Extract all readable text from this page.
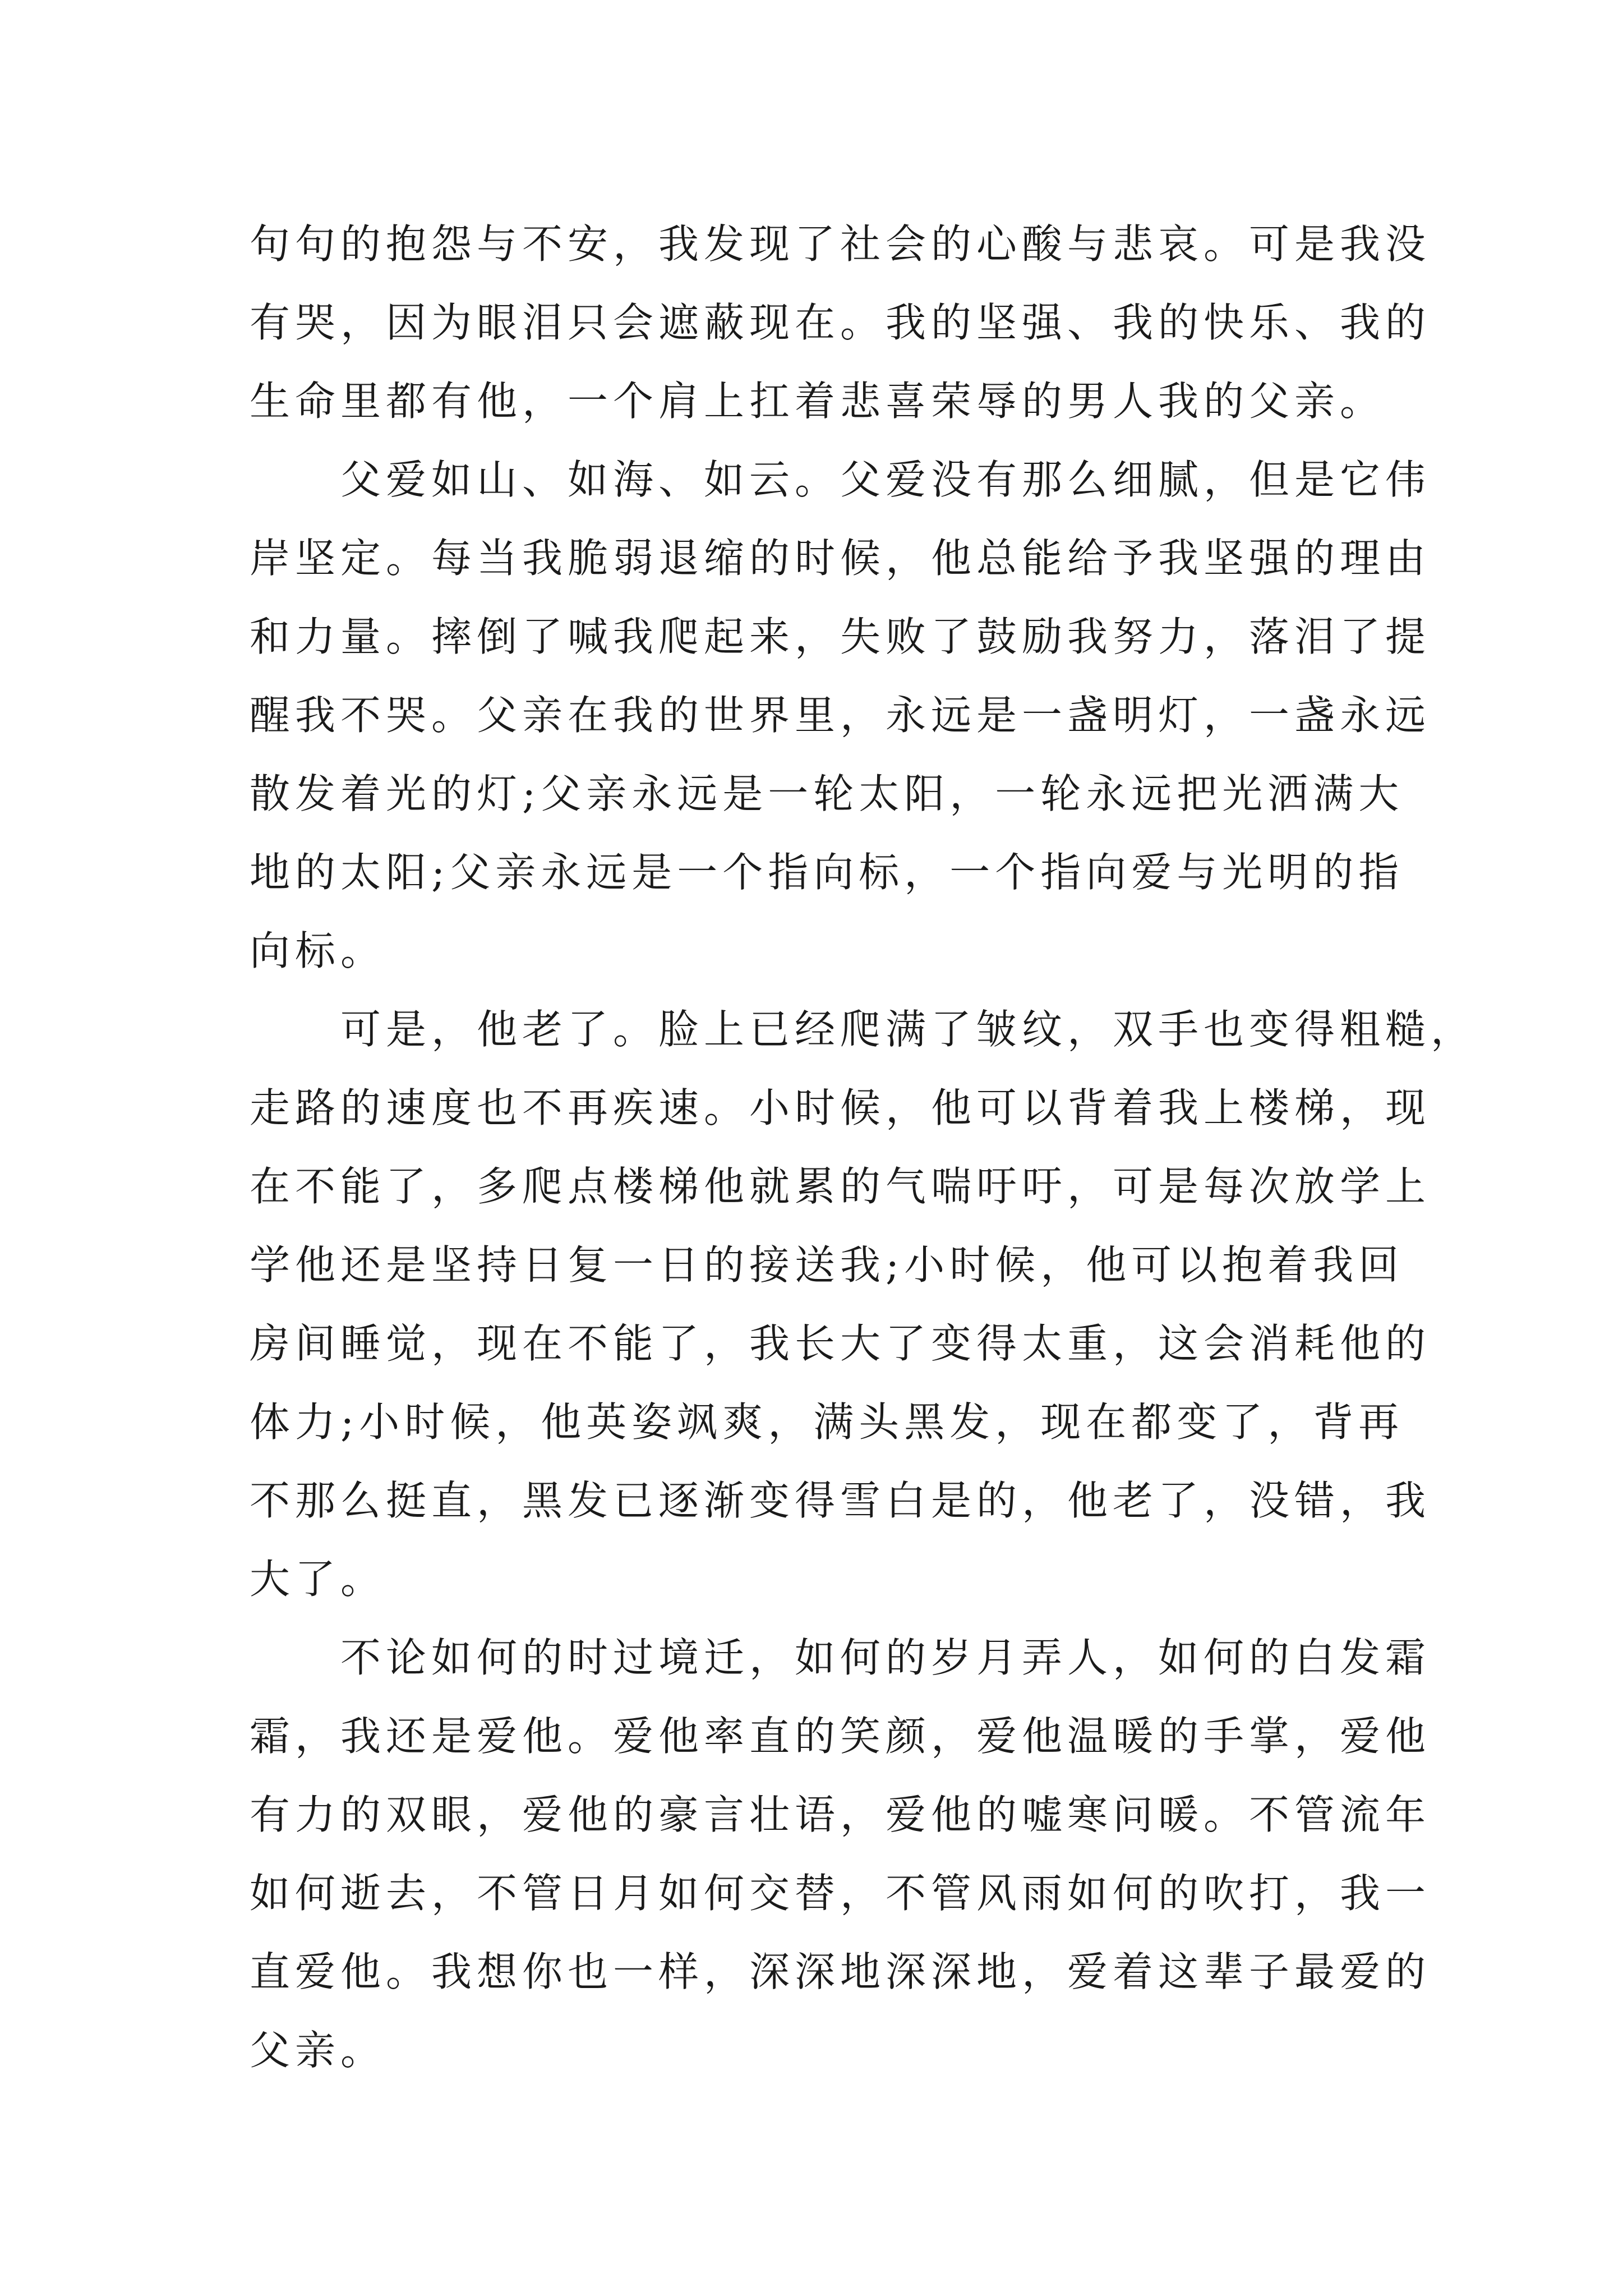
句句的抱怨与不安，我发现了社会的心酸与悲哀。可是我没
有哭，因为眼泪只会遮蔽现在。我的坚强、我的快乐、我的
生命里都有他，一个肩上扛着悲喜荣辱的男人我的父亲。

父爱如山、如海、如云。父爱没有那么细腻，但是它伟
岸坚定。每当我脆弱退缩的时候，他总能给予我坚强的理由
和力量。摔倒了喊我爬起来，失败了鼓励我努力，落泪了提
醒我不哭。父亲在我的世界里，永远是一盏明灯，一盏永远
散发着光的灯;父亲永远是一轮太阳，一轮永远把光洒满大
地的太阳;父亲永远是一个指向标，一个指向爱与光明的指
向标。

可是，他老了。脸上已经爬满了皱纹，双手也变得粗糙，
走路的速度也不再疾速。小时候，他可以背着我上楼梯，现
在不能了，多爬点楼梯他就累的气喘吁吁，可是每次放学上
学他还是坚持日复一日的接送我;小时候，他可以抱着我回
房间睡觉，现在不能了，我长大了变得太重，这会消耗他的
体力;小时候，他英姿飒爽，满头黑发，现在都变了，背再
不那么挺直，黑发已逐渐变得雪白是的，他老了，没错，我
大了。

不论如何的时过境迁，如何的岁月弄人，如何的白发霜
霜，我还是爱他。爱他率直的笑颜，爱他温暖的手掌，爱他
有力的双眼，爱他的豪言壮语，爱他的嘘寒问暖。不管流年
如何逝去，不管日月如何交替，不管风雨如何的吹打，我一
直爱他。我想你也一样，深深地深深地，爱着这辈子最爱的
父亲。
